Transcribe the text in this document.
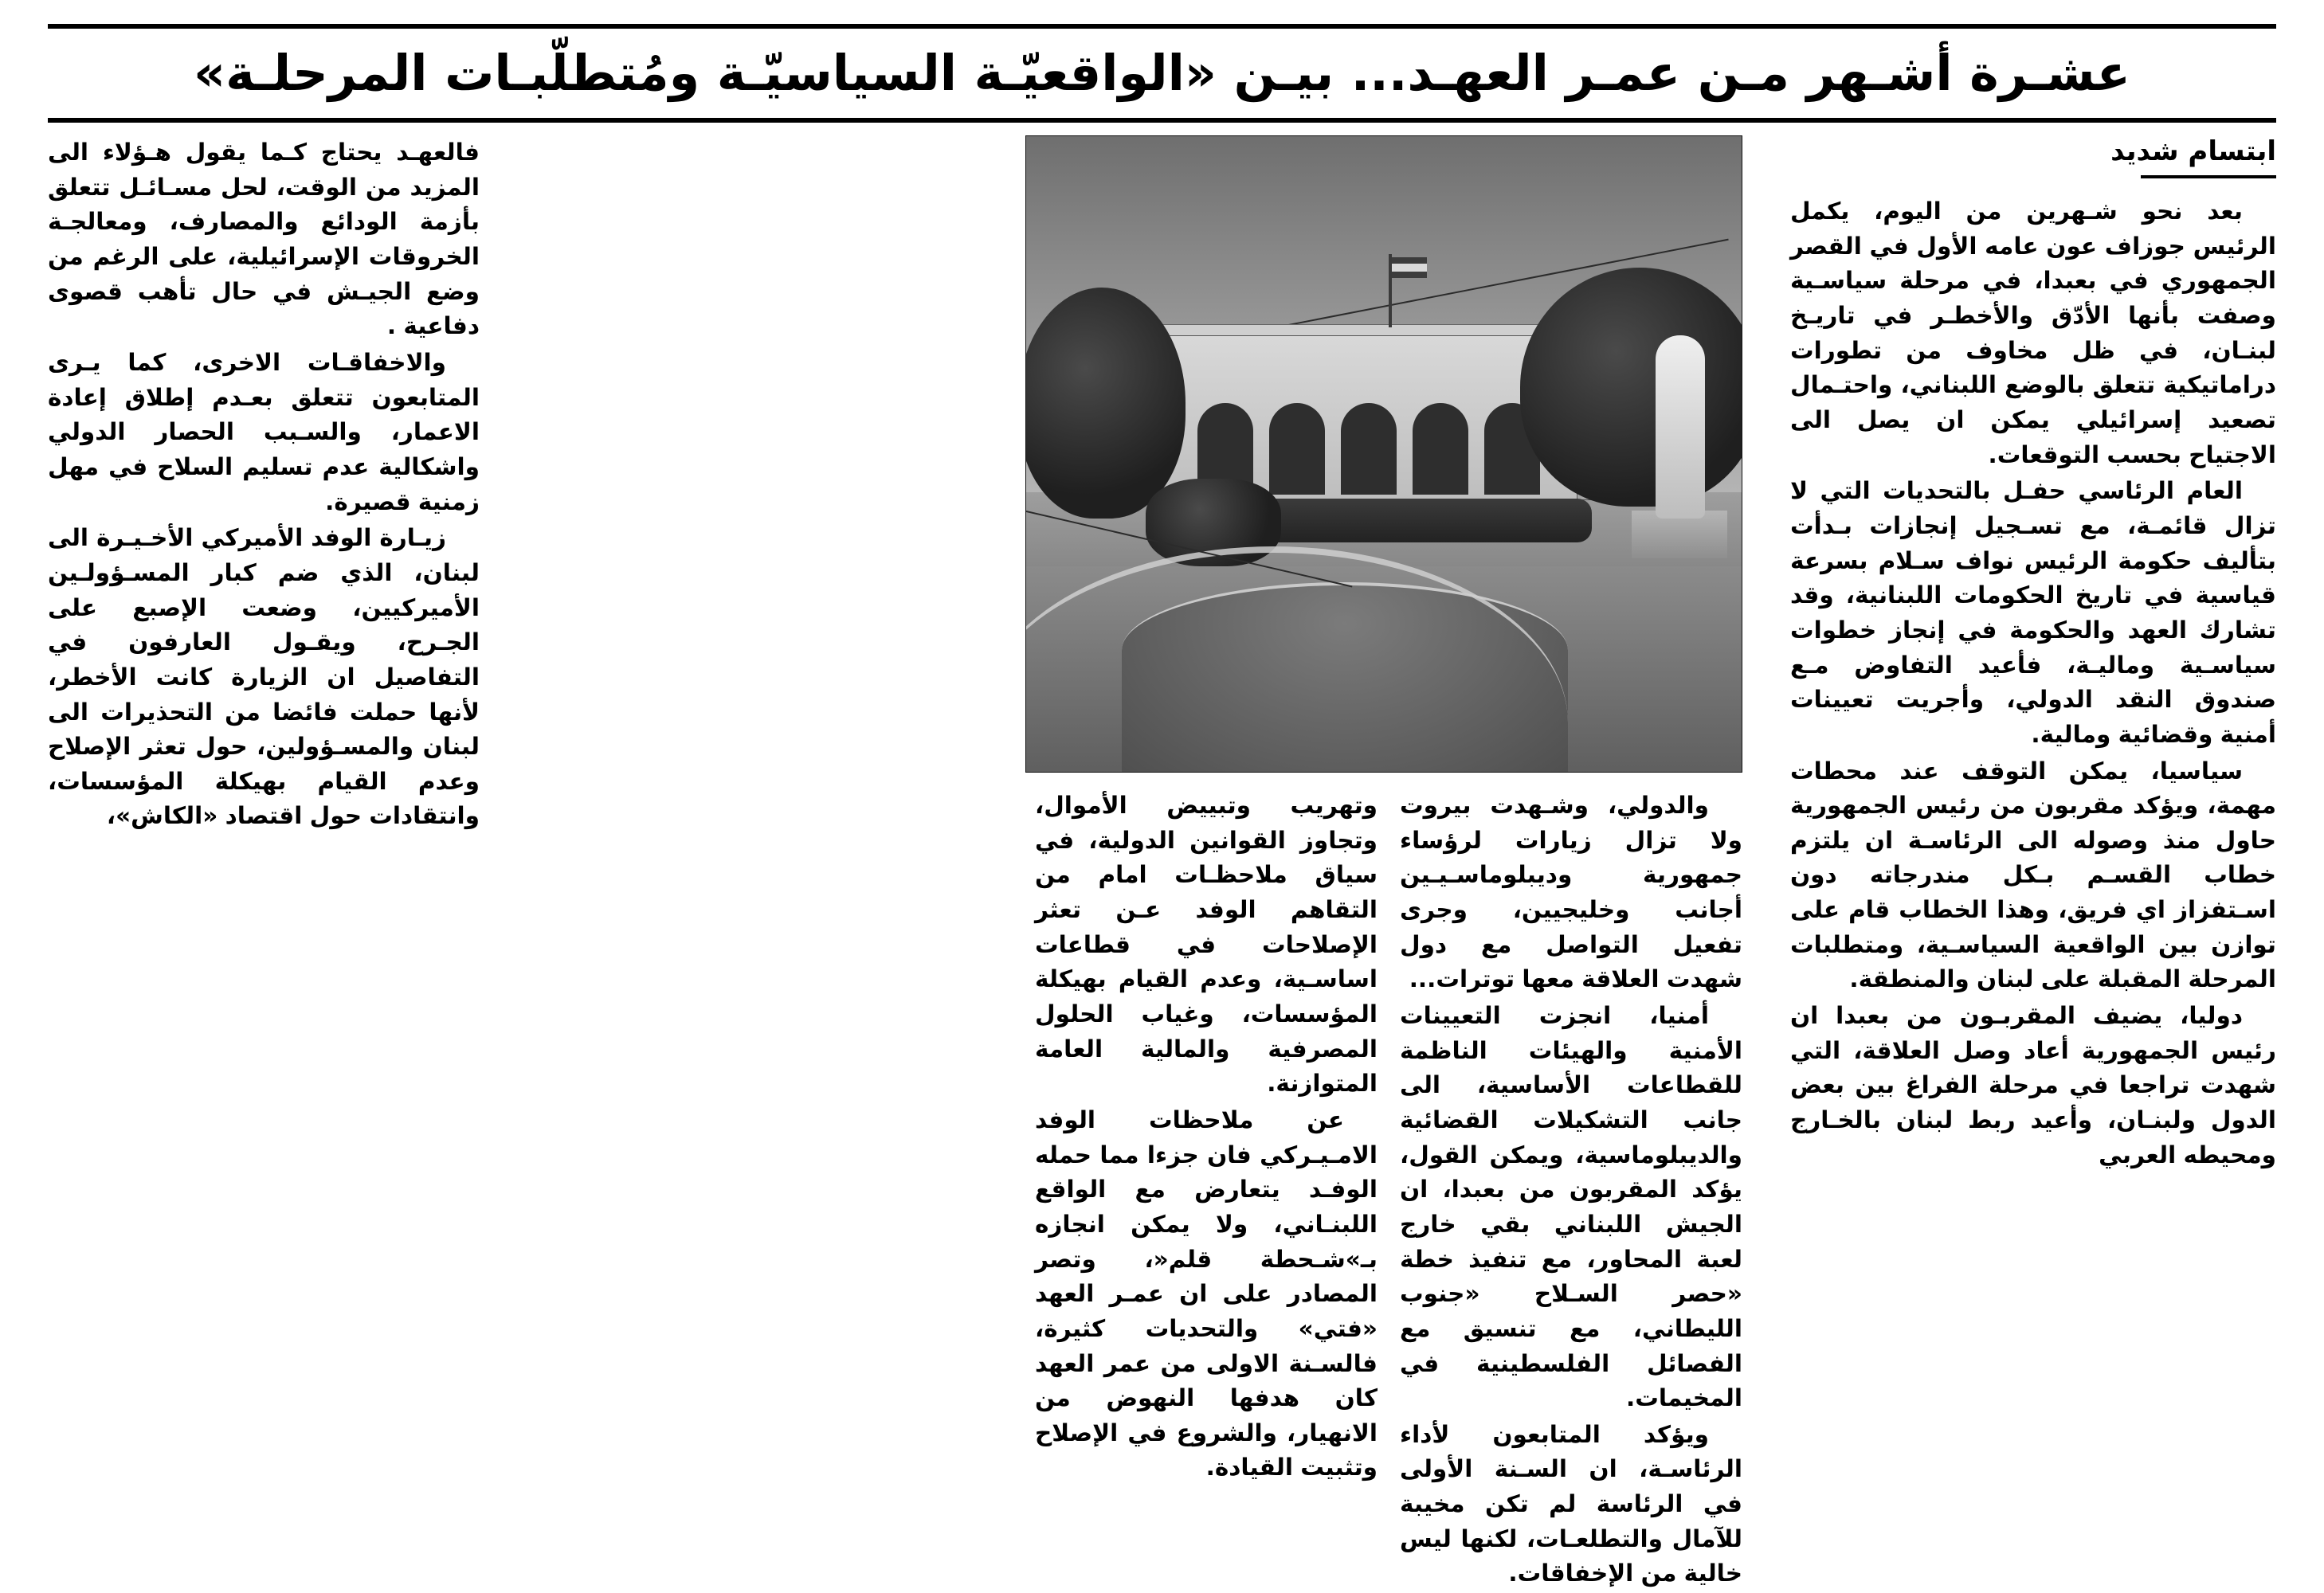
عشـرة أشـهر مـن عمـر العهـد... بيـن «الواقعيّـة السياسيّـة ومُتطلّبـات المرحلـة»
ابتسام شديد

بعد نحو شـهرين من اليوم، يكمل الرئيس جوزاف عون عامه الأول في القصر الجمهوري في بعبدا، في مرحلة سياسـية وصفت بأنها الأدّق والأخطـر في تاريـخ لبنـان، في ظل مخاوف من تطورات دراماتيكية تتعلق بالوضع اللبناني، واحتـمال تصعيد إسرائيلي يمكن ان يصل الى الاجتياح بحسب التوقعات.

العام الرئاسي حفـل بالتحديات التي لا تزال قائمـة، مع تسـجيل إنجازات بـدأت بتأليف حكومة الرئيس نواف سـلام بسرعة قياسية في تاريخ الحكومات اللبنانية، وقد تشارك العهد والحكومة في إنجاز خطوات سياسـية وماليـة، فأعيد التفاوض مـع صندوق النقد الدولي، وأجريت تعيينات أمنية وقضائية ومالية.

سياسيا، يمكن التوقف عند محطات مهمة، ويؤكد مقربون من رئيس الجمهورية حاول منذ وصوله الى الرئاسـة ان يلتزم خطاب القسـم بـكل مندرجاته دون اسـتفزاز اي فريق، وهذا الخطاب قام على توازن بين الواقعية السياسـية، ومتطلبات المرحلة المقبلة على لبنان والمنطقة.

دوليا، يضيف المقربـون من بعبدا ان رئيس الجمهورية أعاد وصل العلاقة، التي شهدت تراجعا في مرحلة الفراغ بين بعض الدول ولبنـان، وأعيد ربط لبنان بالخـارج ومحيطه العربي

والدولي، وشـهدت بيروت ولا تزال زيارات لرؤساء جمهورية وديبلوماسـيـين أجانب وخليجيين، وجرى تفعيل التواصل مع دول شهدت العلاقة معها توترات...

أمنيا، انجزت التعيينات الأمنية والهيئات الناظمة للقطاعات الأساسية، الى جانب التشكيلات القضائية والديبلوماسية، ويمكن القول، يؤكد المقربون من بعبدا، ان الجيش اللبناني بقي خارج لعبة المحاور، مع تنفيذ خطة «حصر السـلاح «جنوب الليطاني، مع تنسيق مع الفصائل الفلسطينية في المخيمات.

ويؤكد المتابعون لأداء الرئاسـة، ان السـنة الأولى في الرئاسة لم تكن مخيبة للآمال والتطلعـات، لكنها ليس خالية من الإخفاقات.

وتهريب وتبييض الأموال، وتجاوز القوانين الدولية، في سياق ملاحظـات امام من التقاهم الوفد عـن تعثر الإصلاحات في قطاعات اساسـية، وعدم القيام بهيكلة المؤسسات، وغياب الحلول المصرفية والمالية العامة المتوازنة.

عن ملاحظات الوفد الامـيـركي فان جزءا مما حمله الوفـد يتعارض مع الواقع اللبنـاني، ولا يمكن انجازه بـ»شـحطة قلم«، وتصر المصادر على ان عمـر العهد «فتي» والتحديات كثيرة، فالسـنة الاولى من عمر العهد كان هدفها النهوض من الانهيار، والشروع في الإصلاح وتثبيت القيادة.

فالعهـد يحتاج كـما يقول هـؤلاء الى المزيد من الوقت، لحل مسـائـل تتعلق بأزمة الودائع والمصارف، ومعالجـة الخروقات الإسرائيلية، على الرغم من وضع الجيـش في حال تأهب قصوى دفاعية .

والاخفاقـات الاخرى، كما يـرى المتابعون تتعلق بعـدم إطلاق إعادة الاعمار، والسـبب الحصار الدولي واشكالية عدم تسليم السلاح في مهل زمنية قصيرة.

زيـارة الوفد الأميركي الأخـيـرة الى لبنان، الذي ضم كبار المسـؤولـين الأميركيين، وضعت الإصبع على الجـرح، ويقـول العارفون في التفاصيل ان الزيارة كانت الأخطر، لأنها حملت فائضا من التحذيرات الى لبنان والمسـؤولين، حول تعثر الإصلاح وعدم القيام بهيكلة المؤسسات، وانتقادات حول اقتصاد «الكاش»،
